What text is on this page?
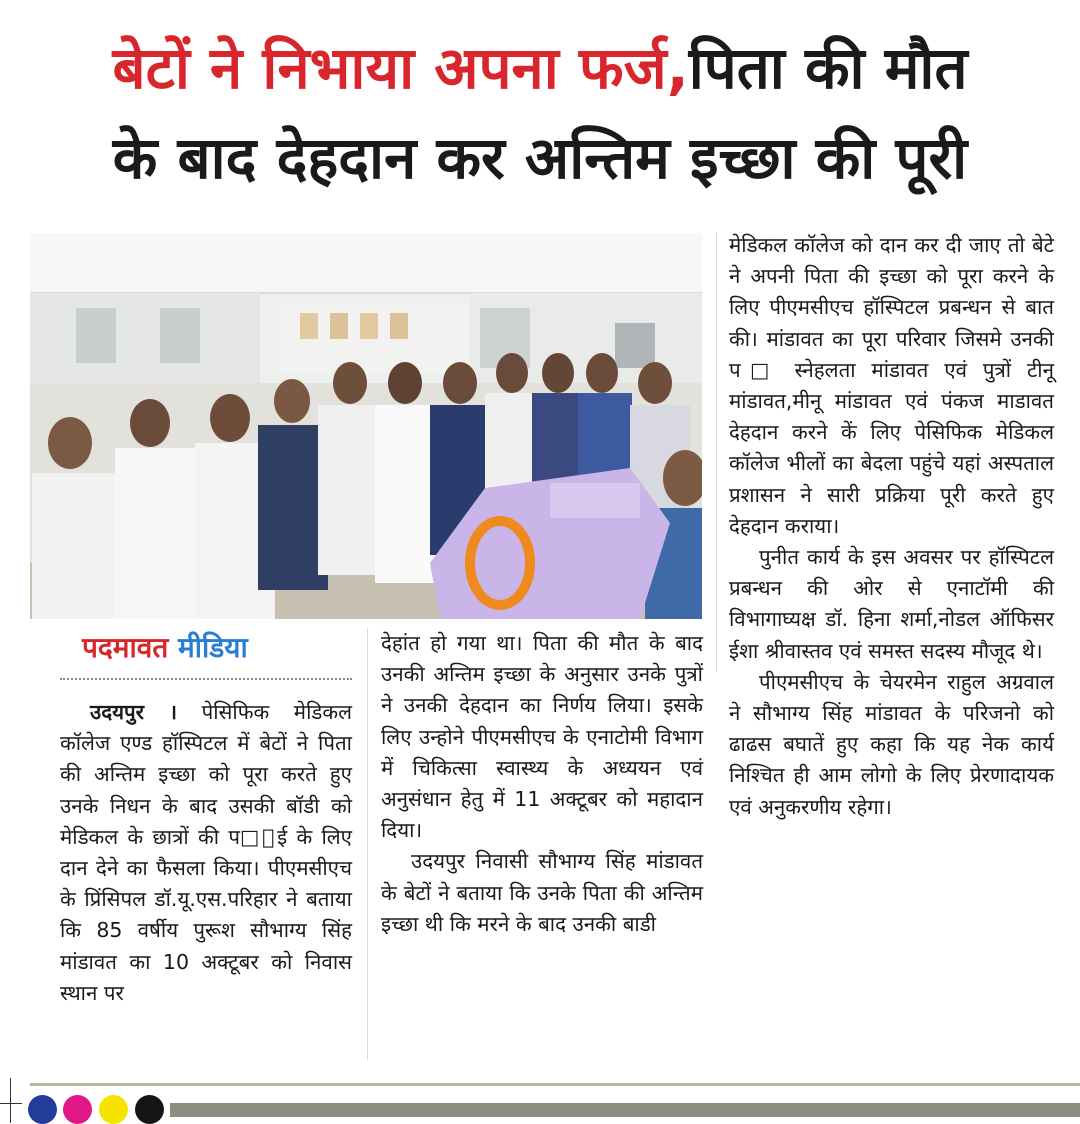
बेटों ने निभाया अपना फर्ज,पिता की मौत
के बाद देहदान कर अन्तिम इच्छा की पूरी
पदमावत मीडिया

उदयपुर । पेसिफिक मेडिकल कॉलेज एण्ड हॉस्पिटल में बेटों ने पिता की अन्तिम इच्छा को पूरा करते हुए उनके निधन के बाद उसकी बॉडी को मेडिकल के छात्रों की प□ाई के लिए दान देने का फैसला किया। पीएमसीएच के प्रिंसिपल डॉ.यू.एस.परिहार ने बताया कि 85 वर्षीय पुरूश सौभाग्य सिंह मांडावत का 10 अक्टूबर को निवास स्थान पर

देहांत हो गया था। पिता की मौत के बाद उनकी अन्तिम इच्छा के अनुसार उनके पुत्रों ने उनकी देहदान का निर्णय लिया। इसके लिए उन्होने पीएमसीएच के एनाटोमी विभाग में चिकित्सा स्वास्थ्य के अध्ययन एवं अनुसंधान हेतु में 11 अक्टूबर को महादान दिया।

उदयपुर निवासी सौभाग्य सिंह मांडावत के बेटों ने बताया कि उनके पिता की अन्तिम इच्छा थी कि मरने के बाद उनकी बाडी

मेडिकल कॉलेज को दान कर दी जाए तो बेटे ने अपनी पिता की इच्छा को पूरा करने के लिए पीएमसीएच हॉस्पिटल प्रबन्धन से बात की। मांडावत का पूरा परिवार जिसमे उनकी प□ स्नेहलता मांडावत एवं पुत्रों टीनू मांडावत,मीनू मांडावत एवं पंकज माडावत देहदान करने कें लिए पेसिफिक मेडिकल कॉलेज भीलों का बेदला पहुंचे यहां अस्पताल प्रशासन ने सारी प्रक्रिया पूरी करते हुए देहदान कराया।

पुनीत कार्य के इस अवसर पर हॉस्पिटल प्रबन्धन की ओर से एनाटॉमी की विभागाघ्यक्ष डॉ. हिना शर्मा,नोडल ऑफिसर ईशा श्रीवास्तव एवं समस्त सदस्य मौजूद थे।

पीएमसीएच के चेयरमेन राहुल अग्रवाल ने सौभाग्य सिंह मांडावत के परिजनो को ढाढस बघातें हुए कहा कि यह नेक कार्य निश्चित ही आम लोगो के लिए प्रेरणादायक एवं अनुकरणीय रहेगा।
